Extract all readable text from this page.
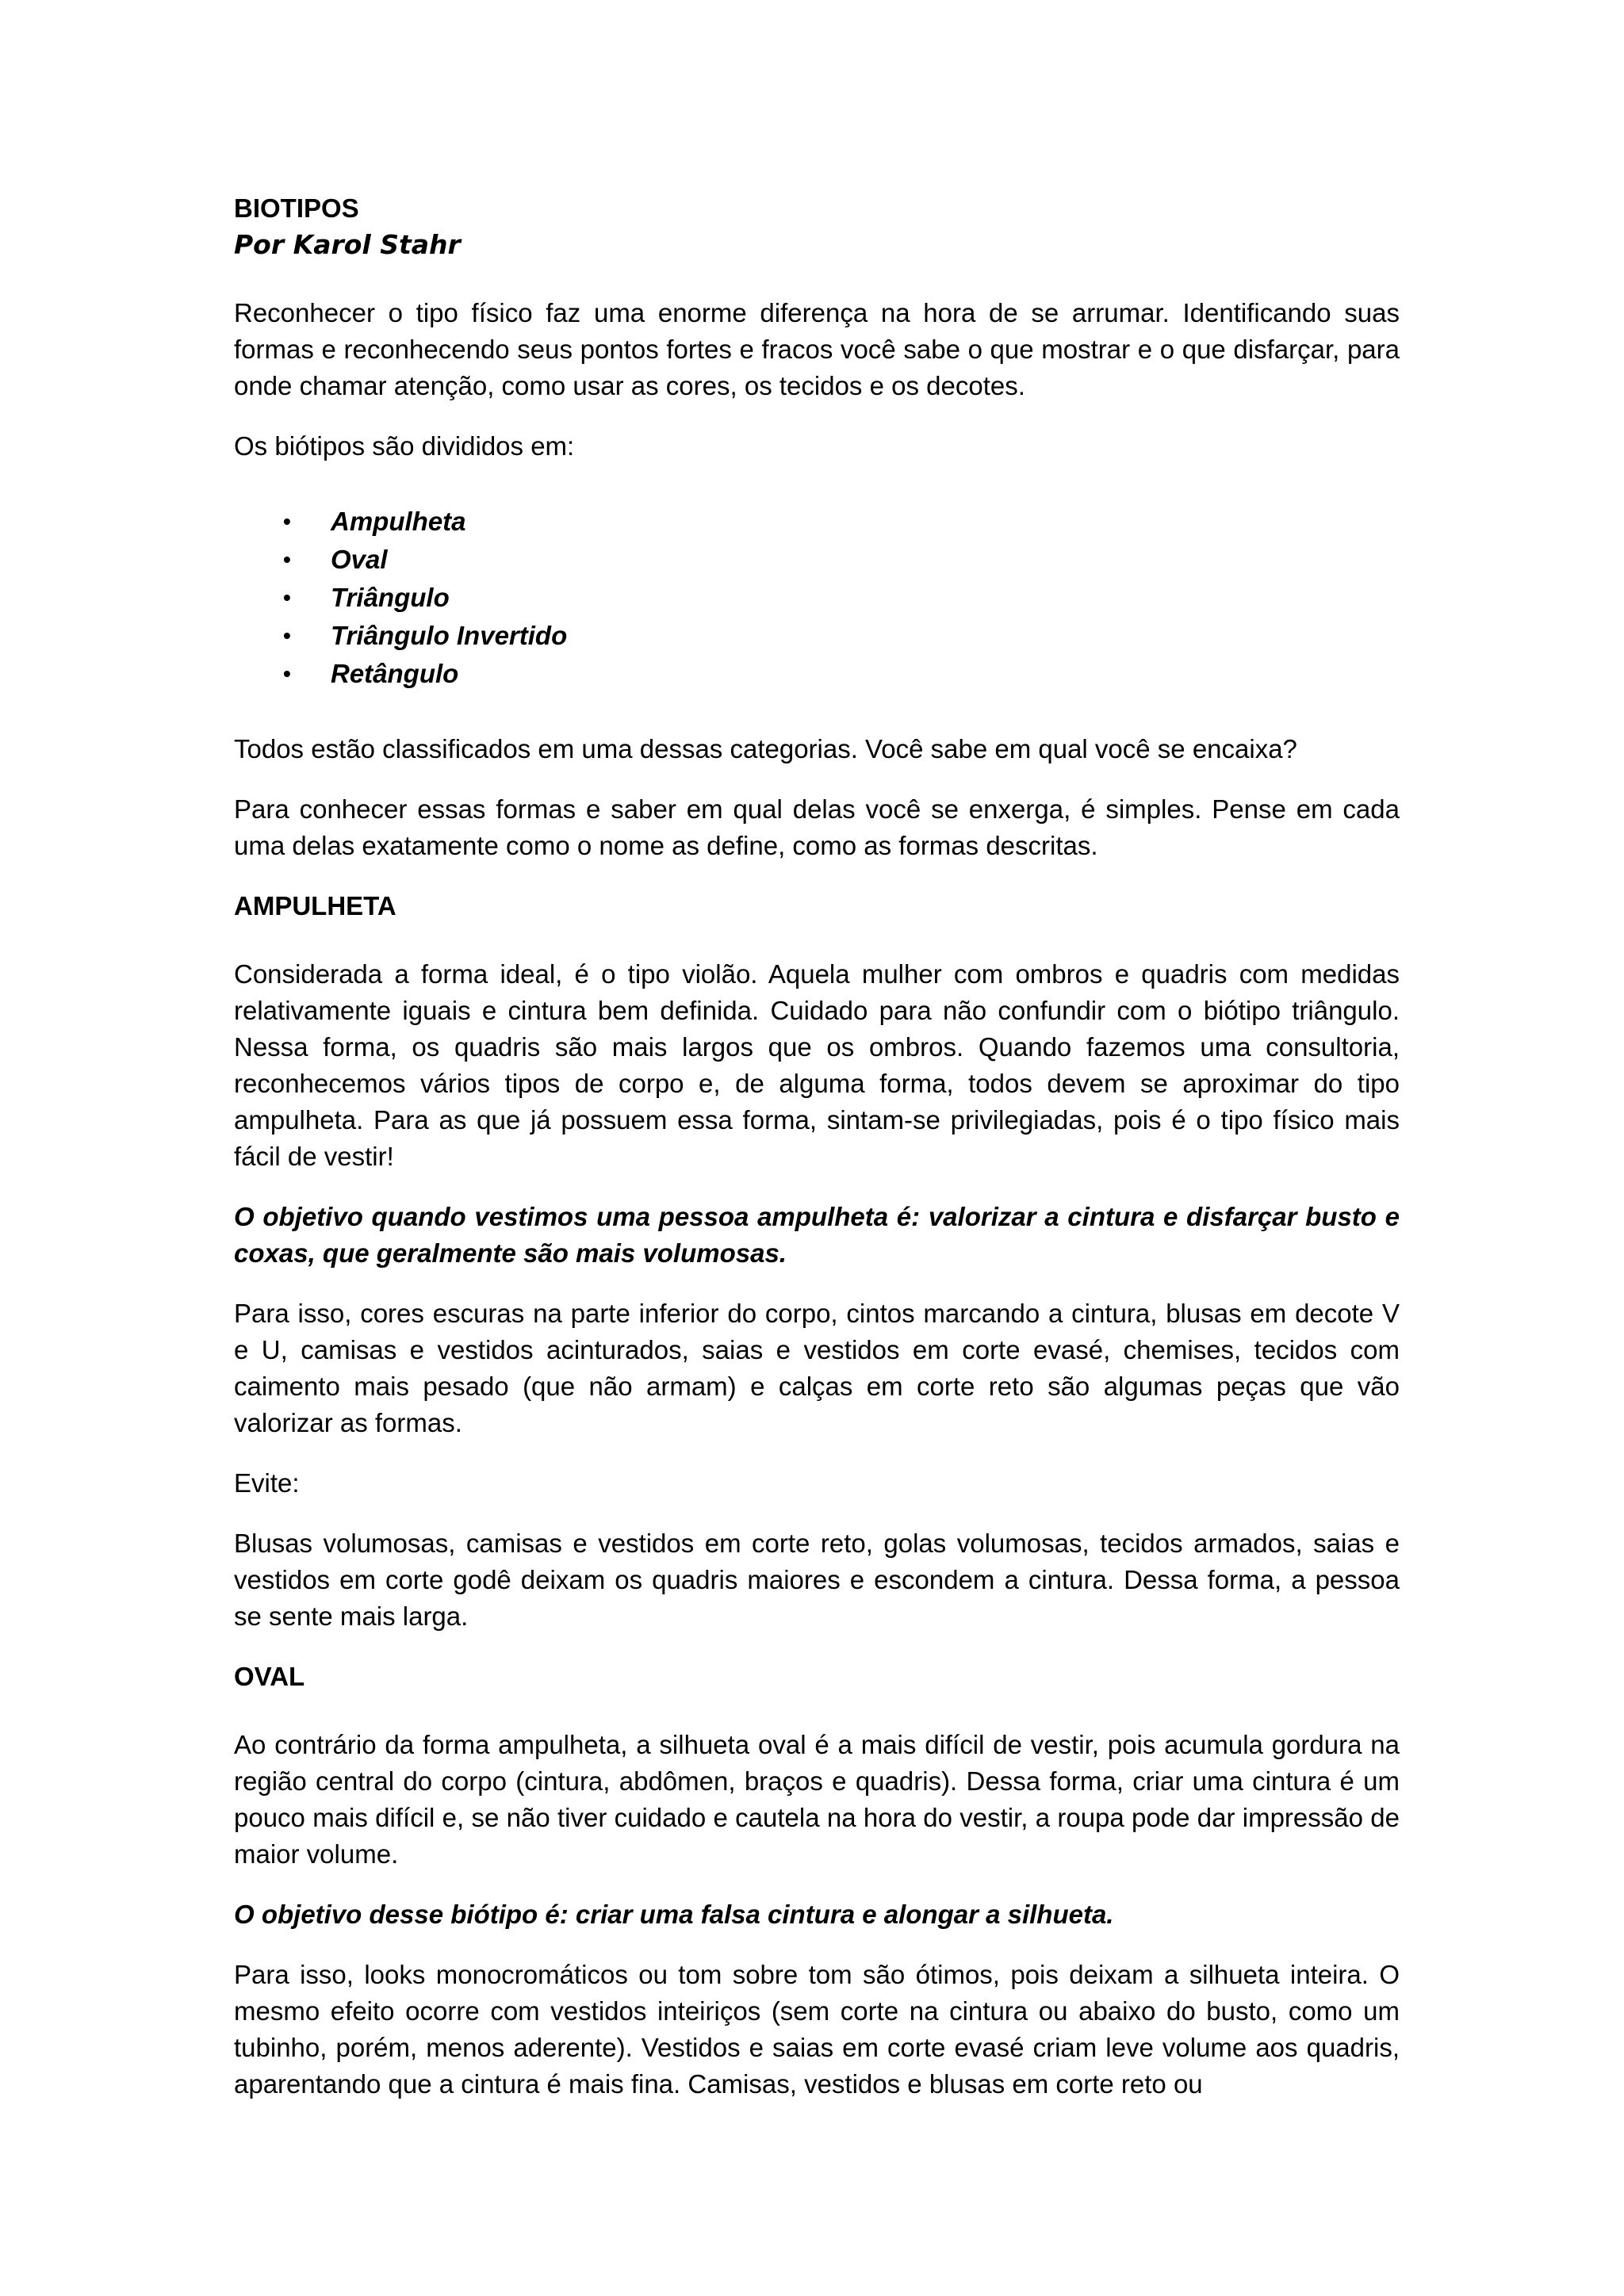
BIOTIPOS
Por Karol Stahr

Reconhecer o tipo físico faz uma enorme diferença na hora de se arrumar. Identificando suas formas e reconhecendo seus pontos fortes e fracos você sabe o que mostrar e o que disfarçar, para onde chamar atenção, como usar as cores, os tecidos e os decotes.

Os biótipos são divididos em:

• Ampulheta
• Oval
• Triângulo
• Triângulo Invertido
• Retângulo

Todos estão classificados em uma dessas categorias. Você sabe em qual você se encaixa?

Para conhecer essas formas e saber em qual delas você se enxerga, é simples. Pense em cada uma delas exatamente como o nome as define, como as formas descritas.

AMPULHETA

Considerada a forma ideal, é o tipo violão. Aquela mulher com ombros e quadris com medidas relativamente iguais e cintura bem definida. Cuidado para não confundir com o biótipo triângulo. Nessa forma, os quadris são mais largos que os ombros. Quando fazemos uma consultoria, reconhecemos vários tipos de corpo e, de alguma forma, todos devem se aproximar do tipo ampulheta. Para as que já possuem essa forma, sintam-se privilegiadas, pois é o tipo físico mais fácil de vestir!

O objetivo quando vestimos uma pessoa ampulheta é: valorizar a cintura e disfarçar busto e coxas, que geralmente são mais volumosas.

Para isso, cores escuras na parte inferior do corpo, cintos marcando a cintura, blusas em decote V e U, camisas e vestidos acinturados, saias e vestidos em corte evasé, chemises, tecidos com caimento mais pesado (que não armam) e calças em corte reto são algumas peças que vão valorizar as formas.

Evite:

Blusas volumosas, camisas e vestidos em corte reto, golas volumosas, tecidos armados, saias e vestidos em corte godê deixam os quadris maiores e escondem a cintura. Dessa forma, a pessoa se sente mais larga.

OVAL

Ao contrário da forma ampulheta, a silhueta oval é a mais difícil de vestir, pois acumula gordura na região central do corpo (cintura, abdômen, braços e quadris). Dessa forma, criar uma cintura é um pouco mais difícil e, se não tiver cuidado e cautela na hora do vestir, a roupa pode dar impressão de maior volume.

O objetivo desse biótipo é: criar uma falsa cintura e alongar a silhueta.

Para isso, looks monocromáticos ou tom sobre tom são ótimos, pois deixam a silhueta inteira. O mesmo efeito ocorre com vestidos inteiriços (sem corte na cintura ou abaixo do busto, como um tubinho, porém, menos aderente). Vestidos e saias em corte evasé criam leve volume aos quadris, aparentando que a cintura é mais fina. Camisas, vestidos e blusas em corte reto ou
